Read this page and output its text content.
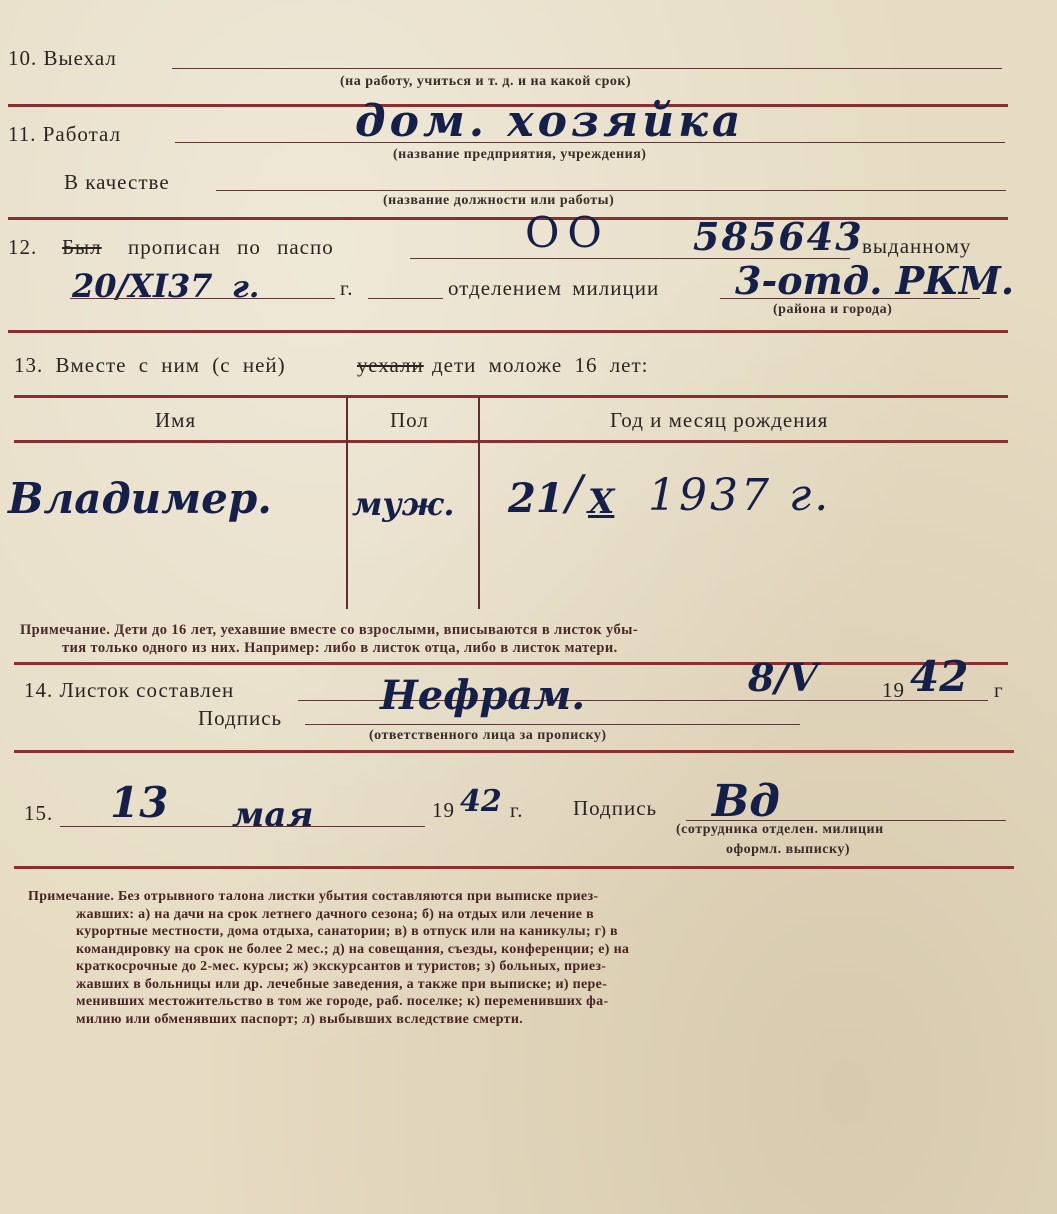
10. Выехал
(на работу, учиться и т. д. и на какой срок)
11. Работал	дом. хозяйка
(название предприятия, учреждения)
В качестве
(название должности или работы)
12. Был прописан по паспо	ОО 585643
выданному
20/XI37 г.	г.	отделением милиции 3-отд. РКМ.
(района и города)
13. Вместе с ним (с ней)	уехали дети моложе 16 лет:
Имя	Пол	Год и месяц рождения
Владимер.	муж. 21 / X 1937 г.
Примечание. Дети до 16 лет, уехавшие вместе со взрослыми, вписываются в листок убы-
тия только одного из них. Например: либо в листок отца, либо в листок матери.
14. Листок составлен	8/V	19 42 г
Подпись Нефрам.
(ответственного лица за прописку)
15. 13 мая	19 42 г. Подпись Вд
(сотрудника отделен. милиции
оформл. выписку)
Примечание. Без отрывного талона листки убытия составляются при выписке приез-
жавших: а) на дачи на срок летнего дачного сезона; б) на отдых или лечение в
курортные местности, дома отдыха, санатории; в) в отпуск или на каникулы; г) в
командировку на срок не более 2 мес.; д) на совещания, съезды, конференции; е) на
краткосрочные до 2-мес. курсы; ж) экскурсантов и туристов; з) больных, приез-
жавших в больницы или др. лечебные заведения, а также при выписке; и) пере-
менивших местожительство в том же городе, раб. поселке; к) переменивших фа-
милию или обменявших паспорт; л) выбывших вследствие смерти.
